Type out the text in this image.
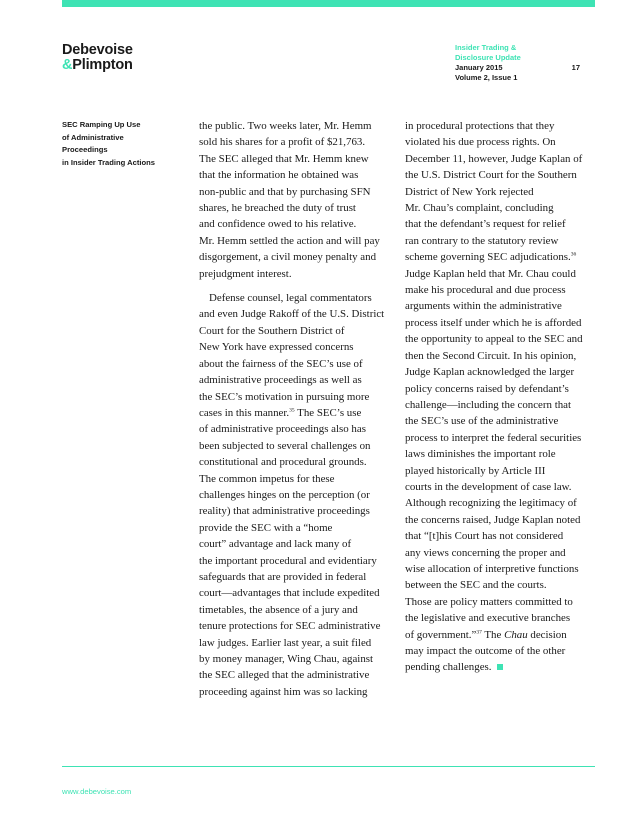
Debevoise
&Plimpton
Insider Trading &
Disclosure Update
January 2015
Volume 2, Issue 1
17
SEC Ramping Up Use
of Administrative
Proceedings
in Insider Trading Actions

the public. Two weeks later, Mr. Hemm
sold his shares for a profit of $21,763.
The SEC alleged that Mr. Hemm knew
that the information he obtained was
non-public and that by purchasing SFN
shares, he breached the duty of trust
and confidence owed to his relative.
Mr. Hemm settled the action and will pay
disgorgement, a civil money penalty and
prejudgment interest.

Defense counsel, legal commentators
and even Judge Rakoff of the U.S. District
Court for the Southern District of
New York have expressed concerns
about the fairness of the SEC’s use of
administrative proceedings as well as
the SEC’s motivation in pursuing more
cases in this manner.$^{35}$ The SEC’s use
of administrative proceedings also has
been subjected to several challenges on
constitutional and procedural grounds.
The common impetus for these
challenges hinges on the perception (or
reality) that administrative proceedings
provide the SEC with a “home
court” advantage and lack many of
the important procedural and evidentiary
safeguards that are provided in federal
court—advantages that include expedited
timetables, the absence of a jury and
tenure protections for SEC administrative
law judges. Earlier last year, a suit filed
by money manager, Wing Chau, against
the SEC alleged that the administrative
proceeding against him was so lacking

in procedural protections that they
violated his due process rights. On
December 11, however, Judge Kaplan of
the U.S. District Court for the Southern
District of New York rejected
Mr. Chau’s complaint, concluding
that the defendant’s request for relief
ran contrary to the statutory review
scheme governing SEC adjudications.$^{36}$
Judge Kaplan held that Mr. Chau could
make his procedural and due process
arguments within the administrative
process itself under which he is afforded
the opportunity to appeal to the SEC and
then the Second Circuit. In his opinion,
Judge Kaplan acknowledged the larger
policy concerns raised by defendant’s
challenge—including the concern that
the SEC’s use of the administrative
process to interpret the federal securities
laws diminishes the important role
played historically by Article III
courts in the development of case law.
Although recognizing the legitimacy of
the concerns raised, Judge Kaplan noted
that “[t]his Court has not considered
any views concerning the proper and
wise allocation of interpretive functions
between the SEC and the courts.
Those are policy matters committed to
the legislative and executive branches
of government.”$^{37}$ The Chau decision
may impact the outcome of the other
pending challenges.

www.debevoise.com
